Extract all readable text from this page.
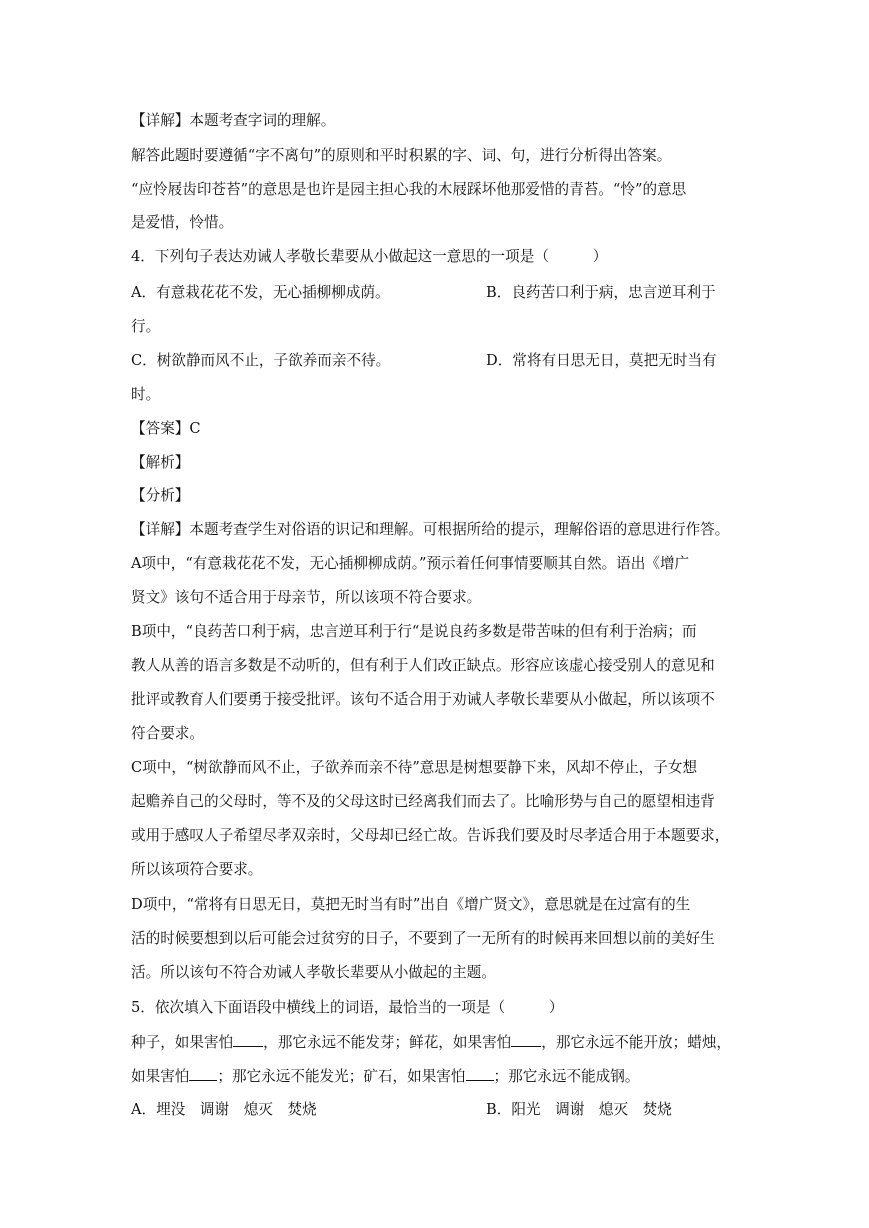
【详解】本题考查字词的理解。
解答此题时要遵循“字不离句”的原则和平时积累的字、词、句，进行分析得出答案。
“应怜屐齿印苍苔”的意思是也许是园主担心我的木屐踩坏他那爱惜的青苔。“怜”的意思
是爱惜，怜惜。
4．下列句子表达劝诫人孝敬长辈要从小做起这一意思的一项是（　　　）
A．有意栽花花不发，无心插柳柳成荫。	B．良药苦口利于病，忠言逆耳利于
行。
C．树欲静而风不止，子欲养而亲不待。	D．常将有日思无日，莫把无时当有
时。
【答案】C
【解析】
【分析】
【详解】本题考查学生对俗语的识记和理解。可根据所给的提示，理解俗语的意思进行作答。
A项中，“有意栽花花不发，无心插柳柳成荫。”预示着任何事情要顺其自然。语出《增广
贤文》该句不适合用于母亲节，所以该项不符合要求。
B项中，“良药苦口利于病，忠言逆耳利于行“是说良药多数是带苦味的但有利于治病；而
教人从善的语言多数是不动听的，但有利于人们改正缺点。形容应该虚心接受别人的意见和
批评或教育人们要勇于接受批评。该句不适合用于劝诫人孝敬长辈要从小做起，所以该项不
符合要求。
C项中，“树欲静而风不止，子欲养而亲不待”意思是树想要静下来，风却不停止，子女想
起赡养自己的父母时，等不及的父母这时已经离我们而去了。比喻形势与自己的愿望相违背
或用于感叹人子希望尽孝双亲时，父母却已经亡故。告诉我们要及时尽孝适合用于本题要求，
所以该项符合要求。
D项中，“常将有日思无日，莫把无时当有时”出自《增广贤文》，意思就是在过富有的生
活的时候要想到以后可能会过贫穷的日子，不要到了一无所有的时候再来回想以前的美好生
活。所以该句不符合劝诫人孝敬长辈要从小做起的主题。
5．依次填入下面语段中横线上的词语，最恰当的一项是（　　　）
种子，如果害怕 ，那它永远不能发芽；鲜花，如果害怕 ，那它永远不能开放；蜡烛，
如果害怕 ；那它永远不能发光；矿石，如果害怕 ；那它永远不能成钢。
A．埋没　调谢　熄灭　焚烧	B．阳光　调谢　熄灭　焚烧
